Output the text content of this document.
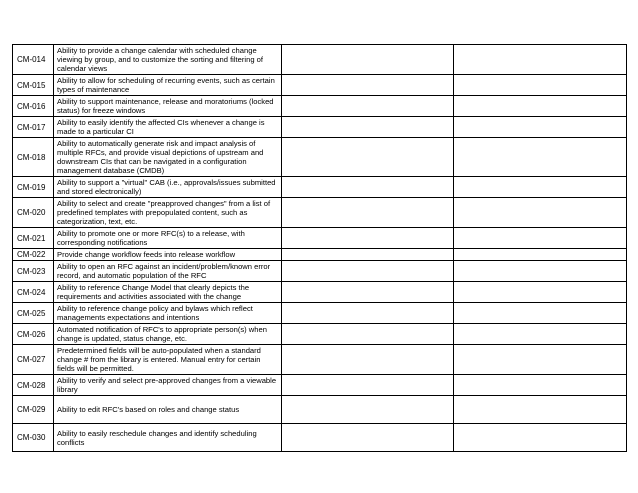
CM-014	Ability to provide a change calendar with scheduled change viewing by group, and to customize the sorting and filtering of calendar views		
CM-015	Ability to allow for scheduling of recurring events, such as certain types of maintenance		
CM-016	Ability to support maintenance, release and moratoriums (locked status) for freeze windows		
CM-017	Ability to easily identify the affected CIs whenever a change is made to a particular CI		
CM-018	Ability to automatically generate risk and impact analysis of multiple RFCs, and provide visual depictions of upstream and downstream CIs that can be navigated in a configuration management database (CMDB)		
CM-019	Ability to support a "virtual" CAB (i.e., approvals/issues submitted and stored electronically)		
CM-020	Ability to select and create "preapproved changes" from a list of predefined templates with prepopulated content, such as categorization, text, etc.		
CM-021	Ability to promote one or more RFC(s) to a release, with corresponding notifications		
CM-022	Provide change workflow feeds into release workflow		
CM-023	Ability to open an RFC against an incident/problem/known error record, and automatic population of the RFC		
CM-024	Ability to reference Change Model that clearly depicts the requirements and activities associated with the change		
CM-025	Ability to reference change policy and bylaws which reflect managements expectations and intentions		
CM-026	Automated notification of RFC's to appropriate person(s) when change is updated, status change, etc.		
CM-027	Predetermined fields will be auto-populated when a standard change # from the library is entered. Manual entry for certain fields will be permitted.		
CM-028	Ability to verify and select pre-approved changes from a viewable library		
CM-029	Ability to edit RFC's based on roles and change status		
CM-030	Ability to easily reschedule changes and identify scheduling conflicts		
